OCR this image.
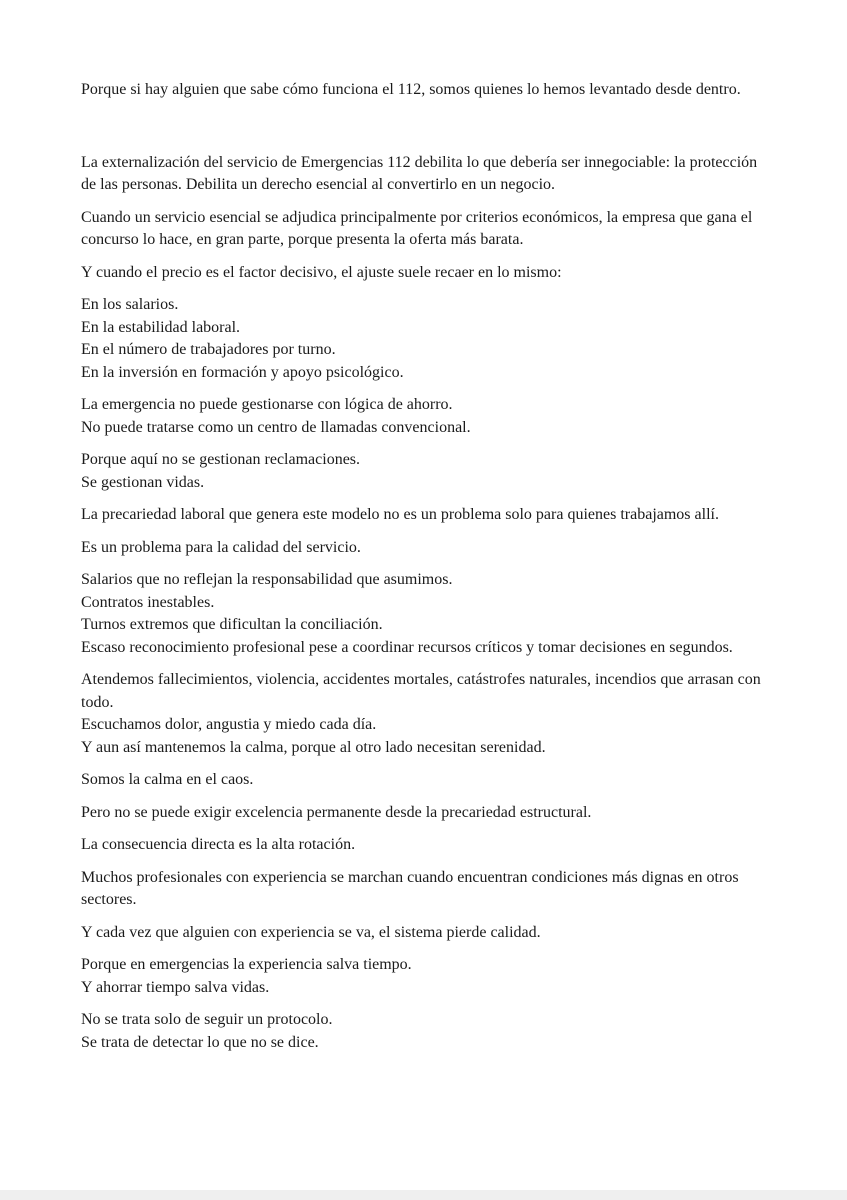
Porque si hay alguien que sabe cómo funciona el 112, somos quienes lo hemos levantado desde dentro.

La externalización del servicio de Emergencias 112 debilita lo que debería ser innegociable: la protección de las personas. Debilita un derecho esencial al convertirlo en un negocio.

Cuando un servicio esencial se adjudica principalmente por criterios económicos, la empresa que gana el concurso lo hace, en gran parte, porque presenta la oferta más barata.

Y cuando el precio es el factor decisivo, el ajuste suele recaer en lo mismo:

En los salarios.
En la estabilidad laboral.
En el número de trabajadores por turno.
En la inversión en formación y apoyo psicológico.

La emergencia no puede gestionarse con lógica de ahorro.
No puede tratarse como un centro de llamadas convencional.

Porque aquí no se gestionan reclamaciones.
Se gestionan vidas.

La precariedad laboral que genera este modelo no es un problema solo para quienes trabajamos allí.

Es un problema para la calidad del servicio.

Salarios que no reflejan la responsabilidad que asumimos.
Contratos inestables.
Turnos extremos que dificultan la conciliación.
Escaso reconocimiento profesional pese a coordinar recursos críticos y tomar decisiones en segundos.

Atendemos fallecimientos, violencia, accidentes mortales, catástrofes naturales, incendios que arrasan con todo.
Escuchamos dolor, angustia y miedo cada día.
Y aun así mantenemos la calma, porque al otro lado necesitan serenidad.

Somos la calma en el caos.

Pero no se puede exigir excelencia permanente desde la precariedad estructural.

La consecuencia directa es la alta rotación.

Muchos profesionales con experiencia se marchan cuando encuentran condiciones más dignas en otros sectores.

Y cada vez que alguien con experiencia se va, el sistema pierde calidad.

Porque en emergencias la experiencia salva tiempo.
Y ahorrar tiempo salva vidas.

No se trata solo de seguir un protocolo.
Se trata de detectar lo que no se dice.
